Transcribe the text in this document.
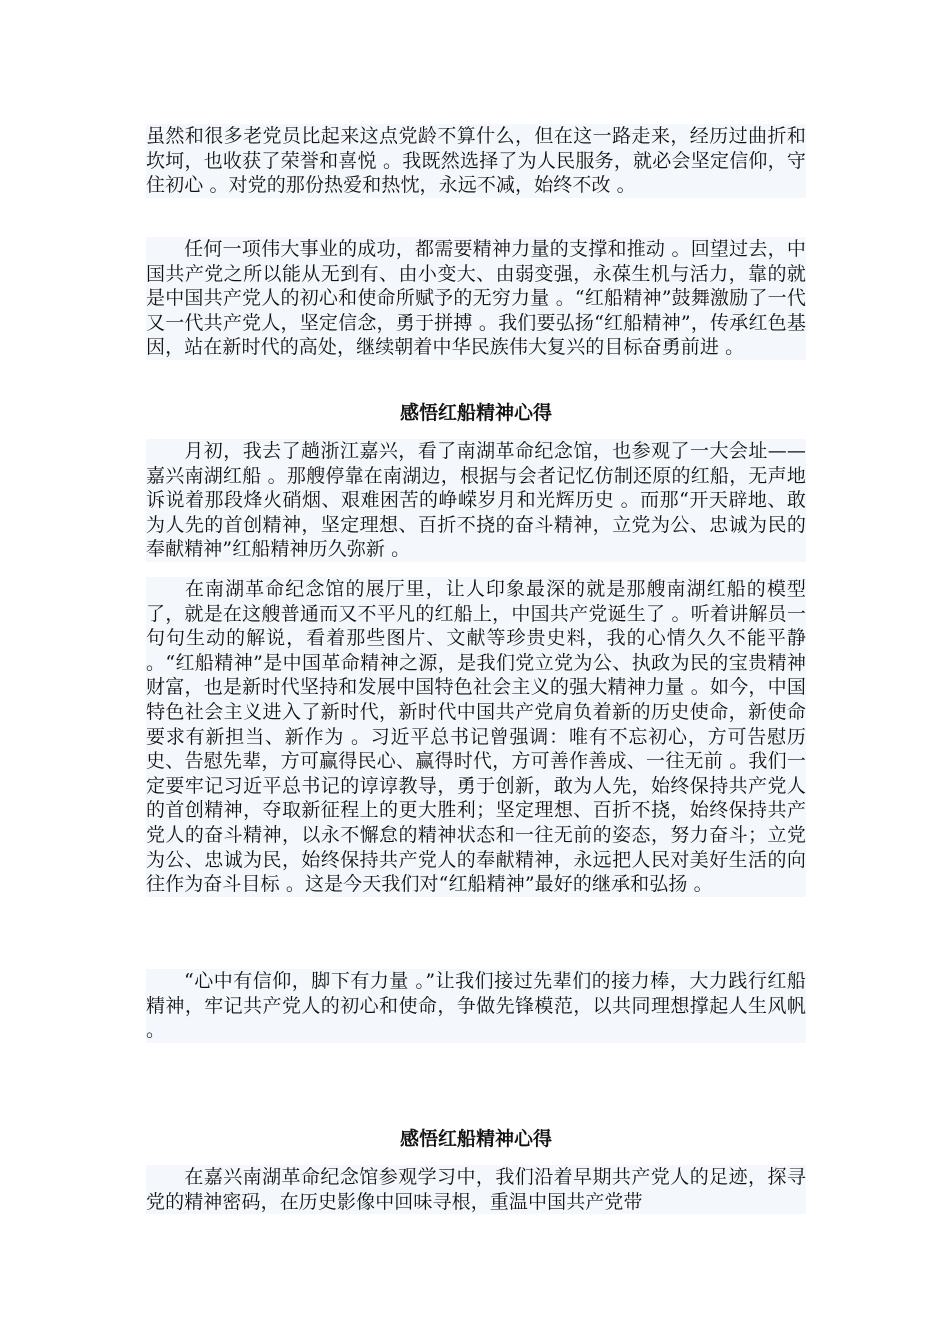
虽然和很多老党员比起来这点党龄不算什么，但在这一路走来，经历过曲折和坎坷，也收获了荣誉和喜悦 。我既然选择了为人民服务，就必会坚定信仰，守住初心 。对党的那份热爱和热忱，永远不减，始终不改 。

任何一项伟大事业的成功，都需要精神力量的支撑和推动 。回望过去，中国共产党之所以能从无到有、由小变大、由弱变强，永葆生机与活力，靠的就是中国共产党人的初心和使命所赋予的无穷力量 。“红船精神”鼓舞激励了一代又一代共产党人，坚定信念，勇于拼搏 。我们要弘扬“红船精神”，传承红色基因，站在新时代的高处，继续朝着中华民族伟大复兴的目标奋勇前进 。

感悟红船精神心得

月初，我去了趟浙江嘉兴，看了南湖革命纪念馆，也参观了一大会址——嘉兴南湖红船 。那艘停靠在南湖边，根据与会者记忆仿制还原的红船，无声地诉说着那段烽火硝烟、艰难困苦的峥嵘岁月和光辉历史 。而那“开天辟地、敢为人先的首创精神，坚定理想、百折不挠的奋斗精神，立党为公、忠诚为民的奉献精神”红船精神历久弥新 。

在南湖革命纪念馆的展厅里，让人印象最深的就是那艘南湖红船的模型了，就是在这艘普通而又不平凡的红船上，中国共产党诞生了 。听着讲解员一句句生动的解说，看着那些图片、文献等珍贵史料，我的心情久久不能平静 。“红船精神”是中国革命精神之源，是我们党立党为公、执政为民的宝贵精神财富，也是新时代坚持和发展中国特色社会主义的强大精神力量 。如今，中国特色社会主义进入了新时代，新时代中国共产党肩负着新的历史使命，新使命要求有新担当、新作为 。习近平总书记曾强调：唯有不忘初心，方可告慰历史、告慰先辈，方可赢得民心、赢得时代，方可善作善成、一往无前 。我们一定要牢记习近平总书记的谆谆教导，勇于创新，敢为人先，始终保持共产党人的首创精神，夺取新征程上的更大胜利；坚定理想、百折不挠，始终保持共产党人的奋斗精神，以永不懈怠的精神状态和一往无前的姿态，努力奋斗；立党为公、忠诚为民，始终保持共产党人的奉献精神，永远把人民对美好生活的向往作为奋斗目标 。这是今天我们对“红船精神”最好的继承和弘扬 。

“心中有信仰，脚下有力量 。”让我们接过先辈们的接力棒，大力践行红船精神，牢记共产党人的初心和使命，争做先锋模范，以共同理想撑起人生风帆 。

感悟红船精神心得

在嘉兴南湖革命纪念馆参观学习中，我们沿着早期共产党人的足迹，探寻党的精神密码，在历史影像中回味寻根，重温中国共产党带
